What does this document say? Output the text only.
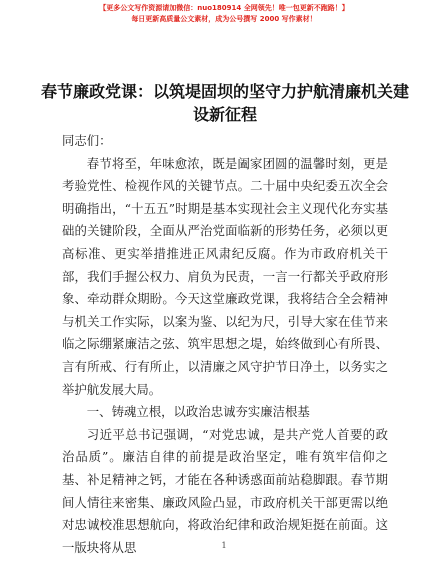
【更多公文写作资源请加微信：nuo180914 全网领先！唯一包更新不跑路！】
每日更新高质量公文素材，成为公号撰写 2000 写作素材！
春节廉政党课：以筑堤固坝的坚守力护航清廉机关建设新征程

同志们：

春节将至，年味愈浓，既是阖家团圆的温馨时刻，更是考验党性、检视作风的关键节点。二十届中央纪委五次全会明确指出，“十五五”时期是基本实现社会主义现代化夯实基础的关键阶段，全面从严治党面临新的形势任务，必须以更高标准、更实举措推进正风肃纪反腐。作为市政府机关干部，我们手握公权力、肩负为民责，一言一行都关乎政府形象、牵动群众期盼。今天这堂廉政党课，我将结合全会精神与机关工作实际，以案为鉴、以纪为尺，引导大家在佳节来临之际绷紧廉洁之弦、筑牢思想之堤，始终做到心有所畏、言有所戒、行有所止，以清廉之风守护节日净土，以务实之举护航发展大局。

一、铸魂立根，以政治忠诚夯实廉洁根基

习近平总书记强调，“对党忠诚，是共产党人首要的政治品质”。廉洁自律的前提是政治坚定，唯有筑牢信仰之基、补足精神之钙，才能在各种诱惑面前站稳脚跟。春节期间人情往来密集、廉政风险凸显，市政府机关干部更需以绝对忠诚校准思想航向，将政治纪律和政治规矩挺在前面。这一版块将从思	1
